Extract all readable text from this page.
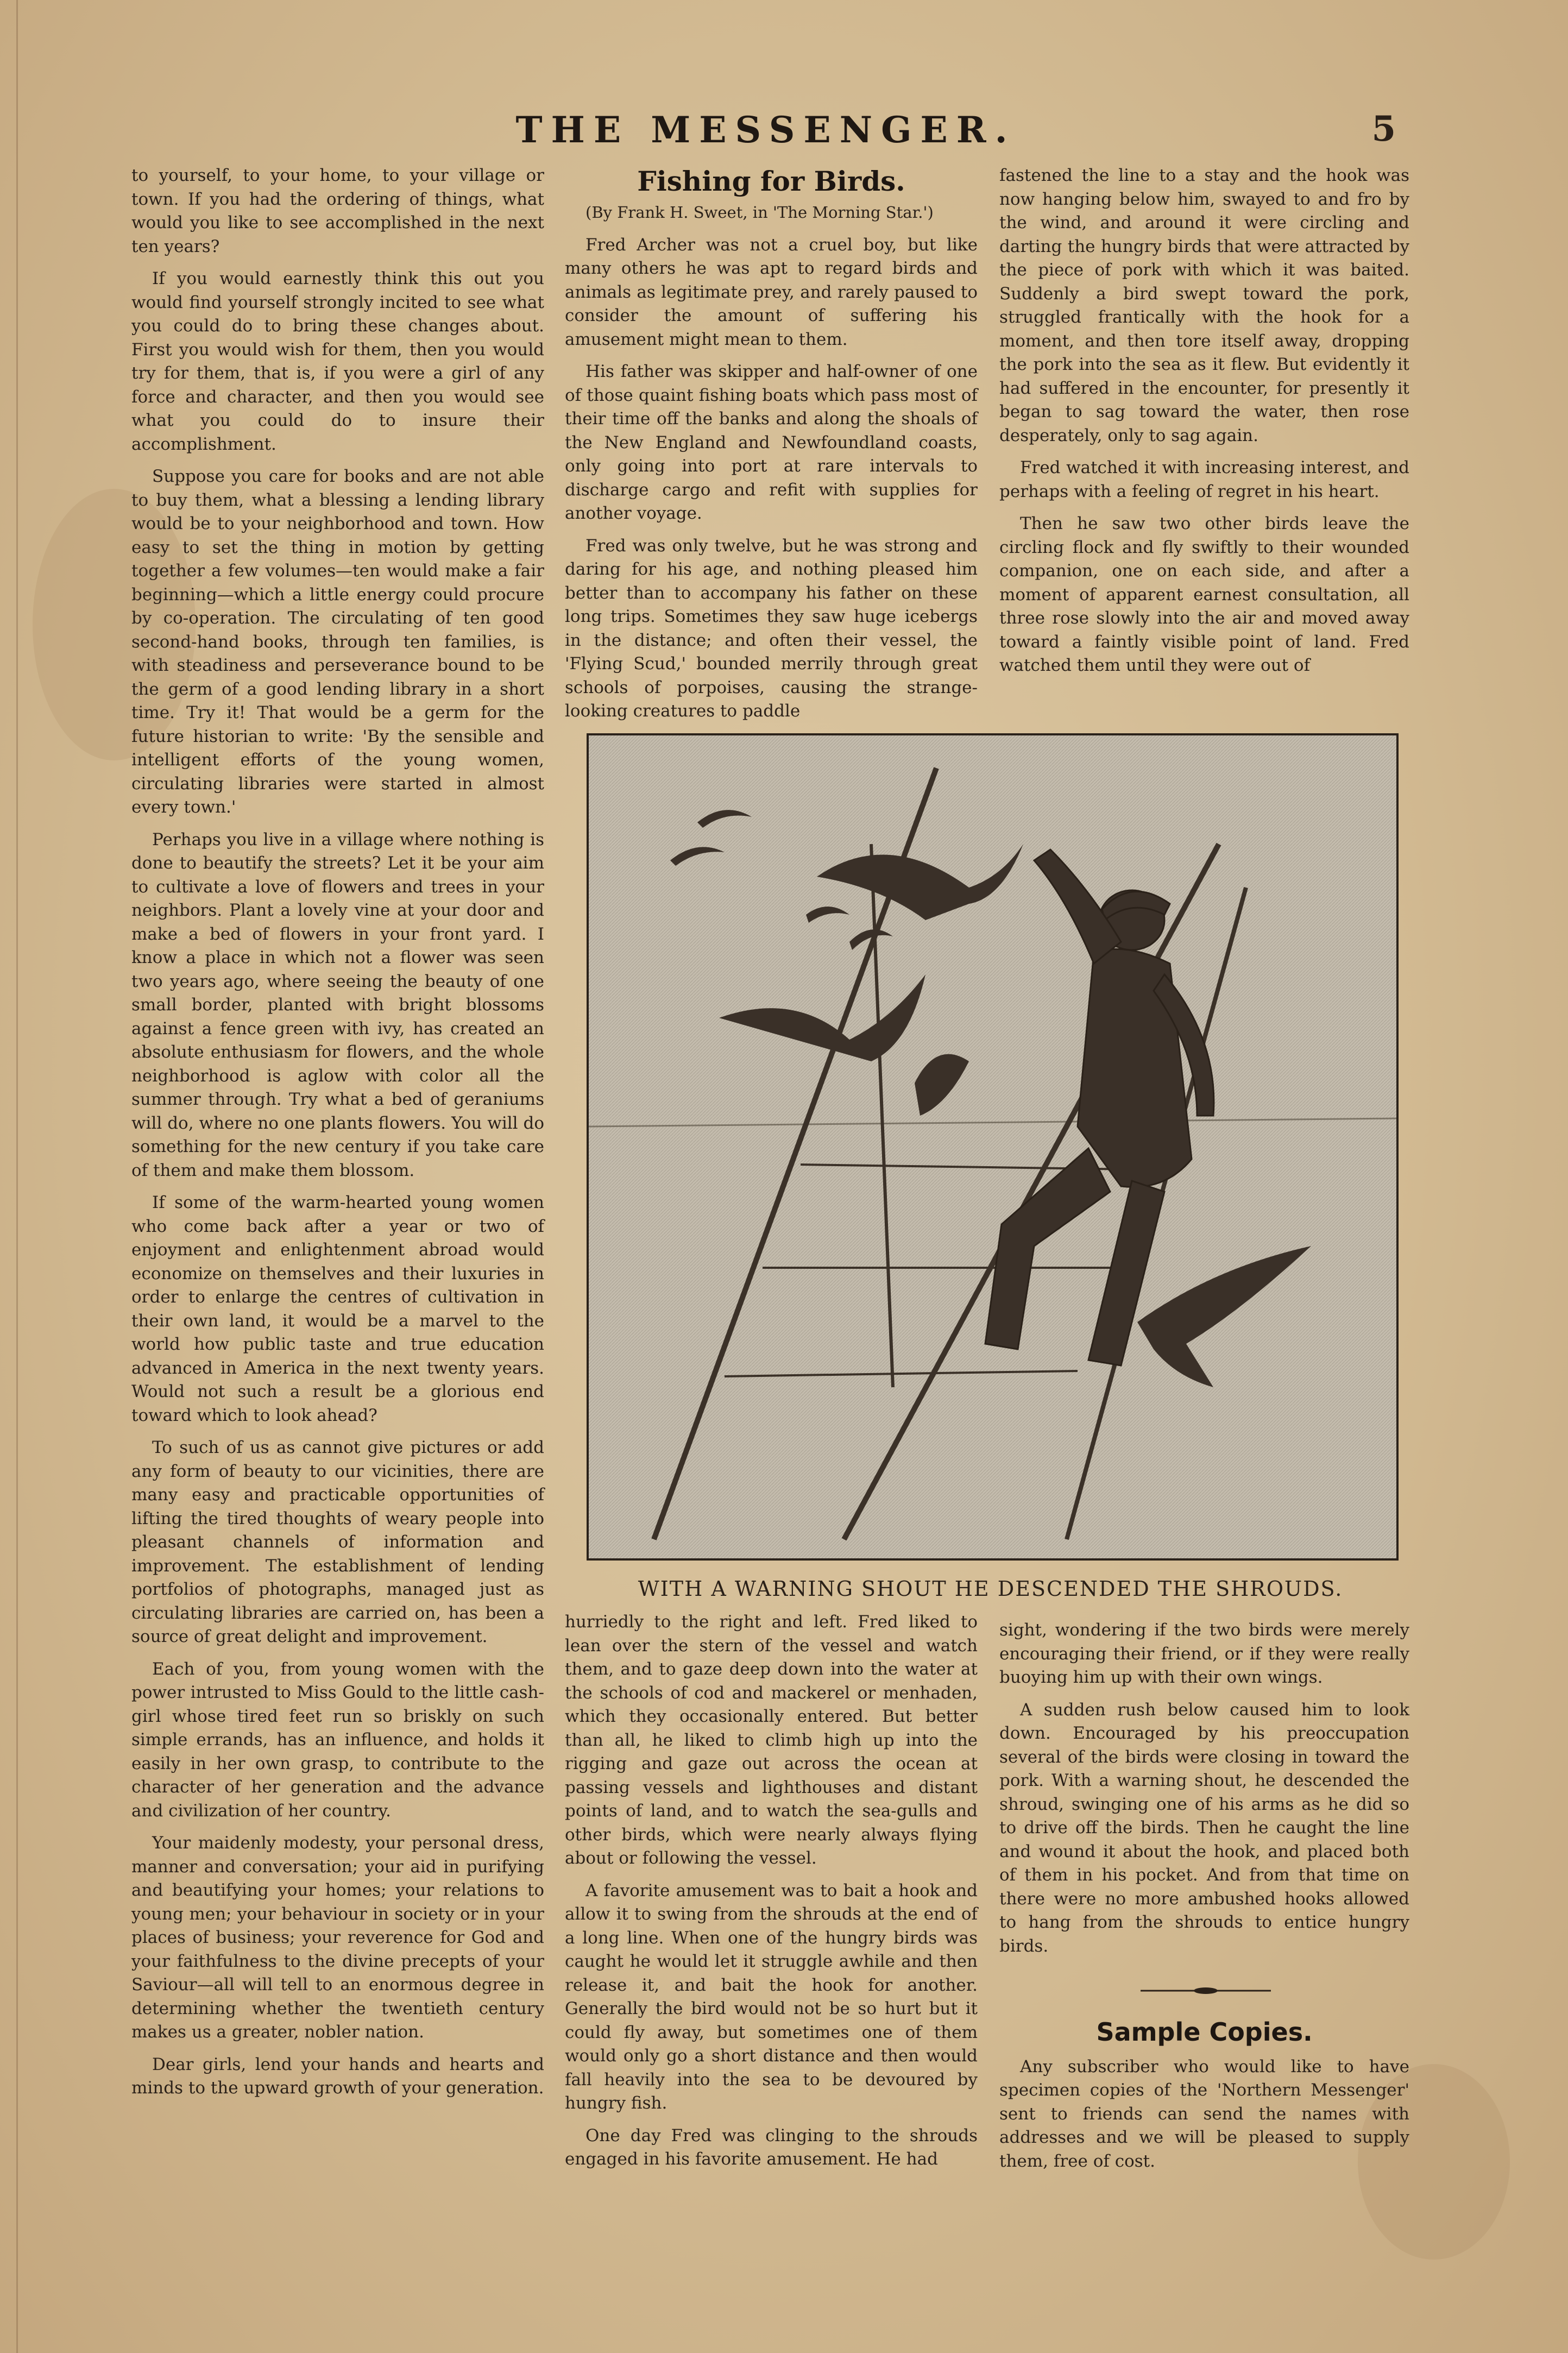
THE MESSENGER.	5

to yourself, to your home, to your village or town. If you had the ordering of things, what would you like to see accomplished in the next ten years?

If you would earnestly think this out you would find yourself strongly incited to see what you could do to bring these changes about. First you would wish for them, then you would try for them, that is, if you were a girl of any force and character, and then you would see what you could do to insure their accomplishment.

Suppose you care for books and are not able to buy them, what a blessing a lending library would be to your neighborhood and town. How easy to set the thing in motion by getting together a few volumes—ten would make a fair beginning—which a little energy could procure by co-operation. The circulating of ten good second-hand books, through ten families, is with steadiness and perseverance bound to be the germ of a good lending library in a short time. Try it! That would be a germ for the future historian to write: 'By the sensible and intelligent efforts of the young women, circulating libraries were started in almost every town.'

Perhaps you live in a village where nothing is done to beautify the streets? Let it be your aim to cultivate a love of flowers and trees in your neighbors. Plant a lovely vine at your door and make a bed of flowers in your front yard. I know a place in which not a flower was seen two years ago, where seeing the beauty of one small border, planted with bright blossoms against a fence green with ivy, has created an absolute enthusiasm for flowers, and the whole neighborhood is aglow with color all the summer through. Try what a bed of geraniums will do, where no one plants flowers. You will do something for the new century if you take care of them and make them blossom.

If some of the warm-hearted young women who come back after a year or two of enjoyment and enlightenment abroad would economize on themselves and their luxuries in order to enlarge the centres of cultivation in their own land, it would be a marvel to the world how public taste and true education advanced in America in the next twenty years. Would not such a result be a glorious end toward which to look ahead?

To such of us as cannot give pictures or add any form of beauty to our vicinities, there are many easy and practicable opportunities of lifting the tired thoughts of weary people into pleasant channels of information and improvement. The establishment of lending portfolios of photographs, managed just as circulating libraries are carried on, has been a source of great delight and improvement.

Each of you, from young women with the power intrusted to Miss Gould to the little cash-girl whose tired feet run so briskly on such simple errands, has an influence, and holds it easily in her own grasp, to contribute to the character of her generation and the advance and civilization of her country.

Your maidenly modesty, your personal dress, manner and conversation; your aid in purifying and beautifying your homes; your relations to young men; your behaviour in society or in your places of business; your reverence for God and your faithfulness to the divine precepts of your Saviour—all will tell to an enormous degree in determining whether the twentieth century makes us a greater, nobler nation.

Dear girls, lend your hands and hearts and minds to the upward growth of your generation.

Fishing for Birds.

(By Frank H. Sweet, in 'The Morning Star.')

Fred Archer was not a cruel boy, but like many others he was apt to regard birds and animals as legitimate prey, and rarely paused to consider the amount of suffering his amusement might mean to them.

His father was skipper and half-owner of one of those quaint fishing boats which pass most of their time off the banks and along the shoals of the New England and Newfoundland coasts, only going into port at rare intervals to discharge cargo and refit with supplies for another voyage.

Fred was only twelve, but he was strong and daring for his age, and nothing pleased him better than to accompany his father on these long trips. Sometimes they saw huge icebergs in the distance; and often their vessel, the 'Flying Scud,' bounded merrily through great schools of porpoises, causing the strange-looking creatures to paddle

fastened the line to a stay and the hook was now hanging below him, swayed to and fro by the wind, and around it were circling and darting the hungry birds that were attracted by the piece of pork with which it was baited. Suddenly a bird swept toward the pork, struggled frantically with the hook for a moment, and then tore itself away, dropping the pork into the sea as it flew. But evidently it had suffered in the encounter, for presently it began to sag toward the water, then rose desperately, only to sag again.

Fred watched it with increasing interest, and perhaps with a feeling of regret in his heart.

Then he saw two other birds leave the circling flock and fly swiftly to their wounded companion, one on each side, and after a moment of apparent earnest consultation, all three rose slowly into the air and moved away toward a faintly visible point of land. Fred watched them until they were out of

WITH A WARNING SHOUT HE DESCENDED THE SHROUDS.

hurriedly to the right and left. Fred liked to lean over the stern of the vessel and watch them, and to gaze deep down into the water at the schools of cod and mackerel or menhaden, which they occasionally entered. But better than all, he liked to climb high up into the rigging and gaze out across the ocean at passing vessels and lighthouses and distant points of land, and to watch the sea-gulls and other birds, which were nearly always flying about or following the vessel.

A favorite amusement was to bait a hook and allow it to swing from the shrouds at the end of a long line. When one of the hungry birds was caught he would let it struggle awhile and then release it, and bait the hook for another. Generally the bird would not be so hurt but it could fly away, but sometimes one of them would only go a short distance and then would fall heavily into the sea to be devoured by hungry fish.

One day Fred was clinging to the shrouds engaged in his favorite amusement. He had

sight, wondering if the two birds were merely encouraging their friend, or if they were really buoying him up with their own wings.

A sudden rush below caused him to look down. Encouraged by his preoccupation several of the birds were closing in toward the pork. With a warning shout, he descended the shroud, swinging one of his arms as he did so to drive off the birds. Then he caught the line and wound it about the hook, and placed both of them in his pocket. And from that time on there were no more ambushed hooks allowed to hang from the shrouds to entice hungry birds.

Sample Copies.

Any subscriber who would like to have specimen copies of the 'Northern Messenger' sent to friends can send the names with addresses and we will be pleased to supply them, free of cost.
